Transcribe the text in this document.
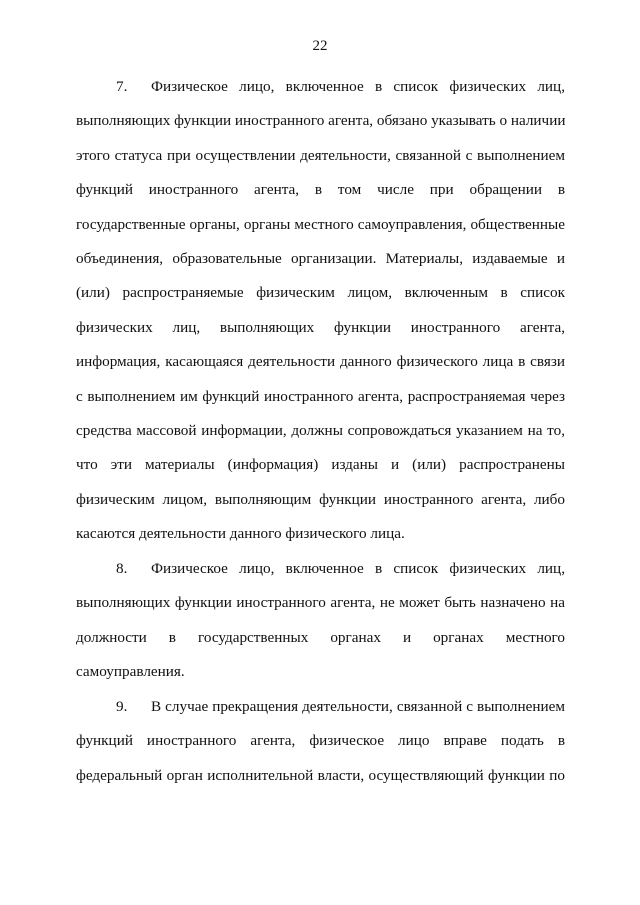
22
7.	Физическое лицо, включенное в список физических лиц,
выполняющих функции иностранного агента, обязано указывать о наличии
этого статуса при осуществлении деятельности, связанной с выполнением
функций иностранного агента, в том числе при обращении в
государственные органы, органы местного самоуправления, общественные
объединения, образовательные организации. Материалы, издаваемые и
(или) распространяемые физическим лицом, включенным в список
физических лиц, выполняющих функции иностранного агента,
информация, касающаяся деятельности данного физического лица в связи
с выполнением им функций иностранного агента, распространяемая через
средства массовой информации, должны сопровождаться указанием на то,
что эти материалы (информация) изданы и (или) распространены
физическим лицом, выполняющим функции иностранного агента, либо
касаются деятельности данного физического лица.
8.	Физическое лицо, включенное в список физических лиц,
выполняющих функции иностранного агента, не может быть назначено на
должности в государственных органах и органах местного
самоуправления.
9.	В случае прекращения деятельности, связанной с выполнением
функций иностранного агента, физическое лицо вправе подать в
федеральный орган исполнительной власти, осуществляющий функции по
